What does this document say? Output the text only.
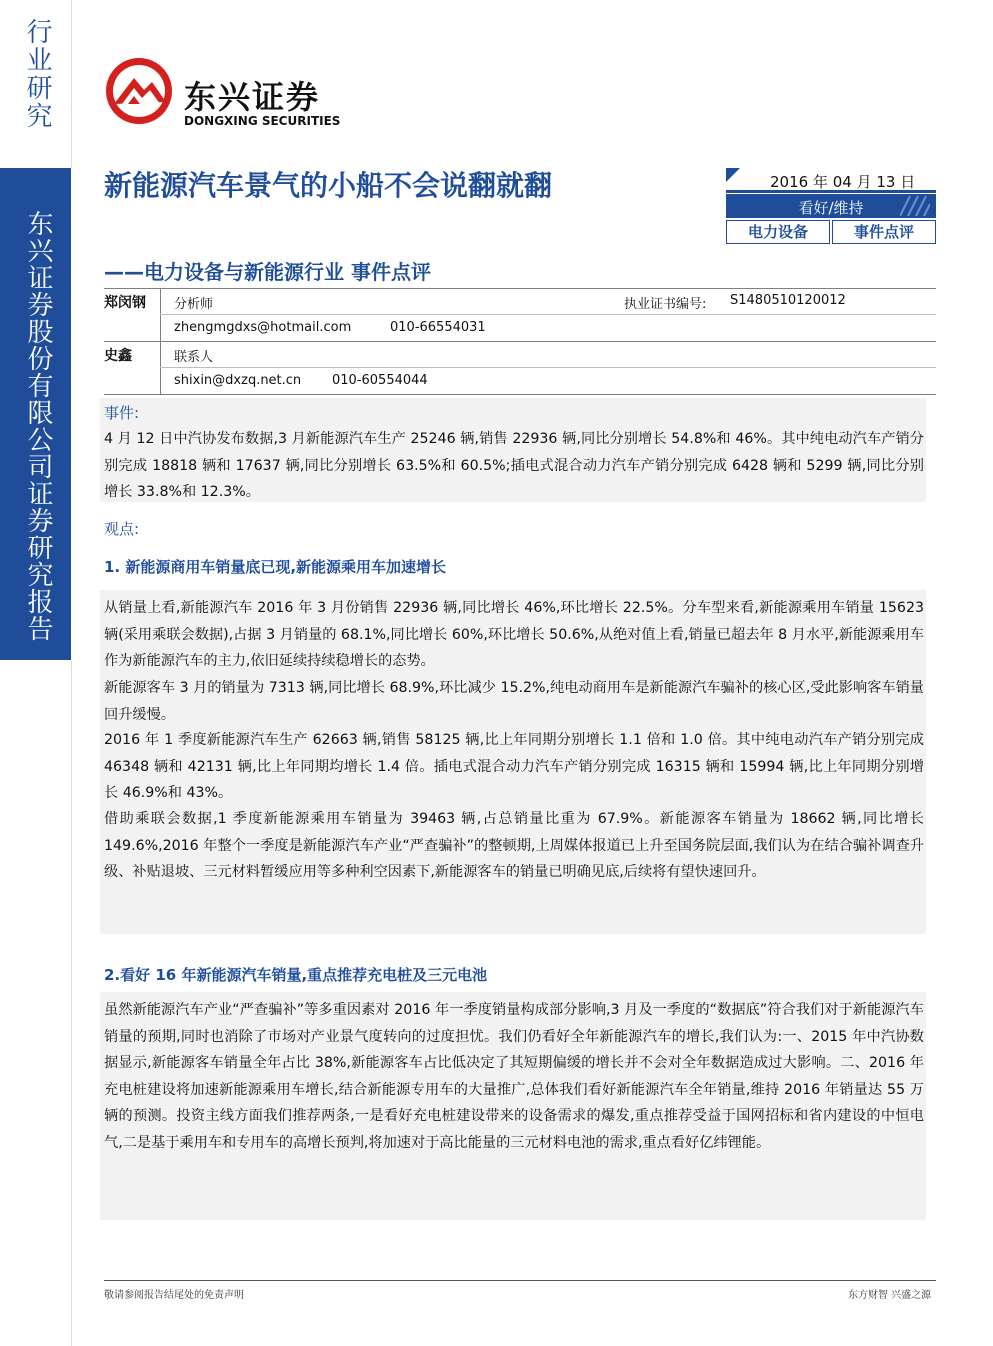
行业研究
东兴证券股份有限公司证券研究报告
东兴证券
DONGXING SECURITIES
新能源汽车景气的小船不会说翻就翻
——电力设备与新能源行业 事件点评
2016 年 04 月 13 日
看好/维持
电力设备	事件点评
郑闵钢 分析师	执业证书编号: S1480510120012
zhengmgdxs@hotmail.com	010-66554031
史鑫	联系人
shixin@dxzq.net.cn 010-60554044
事件:
4 月 12 日中汽协发布数据,3 月新能源汽车生产 25246 辆,销售 22936 辆,同比分别增长 54.8%和 46%。其中纯电动汽车产销分别完成 18818 辆和 17637 辆,同比分别增长 63.5%和 60.5%;插电式混合动力汽车产销分别完成 6428 辆和 5299 辆,同比分别增长 33.8%和 12.3%。
观点:
1. 新能源商用车销量底已现,新能源乘用车加速增长
从销量上看,新能源汽车 2016 年 3 月份销售 22936 辆,同比增长 46%,环比增长 22.5%。分车型来看,新能源乘用车销量 15623 辆(采用乘联会数据),占据 3 月销量的 68.1%,同比增长 60%,环比增长 50.6%,从绝对值上看,销量已超去年 8 月水平,新能源乘用车作为新能源汽车的主力,依旧延续持续稳增长的态势。
新能源客车 3 月的销量为 7313 辆,同比增长 68.9%,环比减少 15.2%,纯电动商用车是新能源汽车骗补的核心区,受此影响客车销量回升缓慢。
2016 年 1 季度新能源汽车生产 62663 辆,销售 58125 辆,比上年同期分别增长 1.1 倍和 1.0 倍。其中纯电动汽车产销分别完成 46348 辆和 42131 辆,比上年同期均增长 1.4 倍。插电式混合动力汽车产销分别完成 16315 辆和 15994 辆,比上年同期分别增长 46.9%和 43%。
借助乘联会数据,1 季度新能源乘用车销量为 39463 辆,占总销量比重为 67.9%。新能源客车销量为 18662 辆,同比增长 149.6%,2016 年整个一季度是新能源汽车产业“严查骗补”的整顿期,上周媒体报道已上升至国务院层面,我们认为在结合骗补调查升级、补贴退坡、三元材料暂缓应用等多种利空因素下,新能源客车的销量已明确见底,后续将有望快速回升。
2.看好 16 年新能源汽车销量,重点推荐充电桩及三元电池
虽然新能源汽车产业“严查骗补”等多重因素对 2016 年一季度销量构成部分影响,3 月及一季度的“数据底”符合我们对于新能源汽车销量的预期,同时也消除了市场对产业景气度转向的过度担忧。我们仍看好全年新能源汽车的增长,我们认为:一、2015 年中汽协数据显示,新能源客车销量全年占比 38%,新能源客车占比低决定了其短期偏缓的增长并不会对全年数据造成过大影响。二、2016 年充电桩建设将加速新能源乘用车增长,结合新能源专用车的大量推广,总体我们看好新能源汽车全年销量,维持 2016 年销量达 55 万辆的预测。投资主线方面我们推荐两条,一是看好充电桩建设带来的设备需求的爆发,重点推荐受益于国网招标和省内建设的中恒电气,二是基于乘用车和专用车的高增长预判,将加速对于高比能量的三元材料电池的需求,重点看好亿纬锂能。
敬请参阅报告结尾处的免责声明	东方财智 兴盛之源
